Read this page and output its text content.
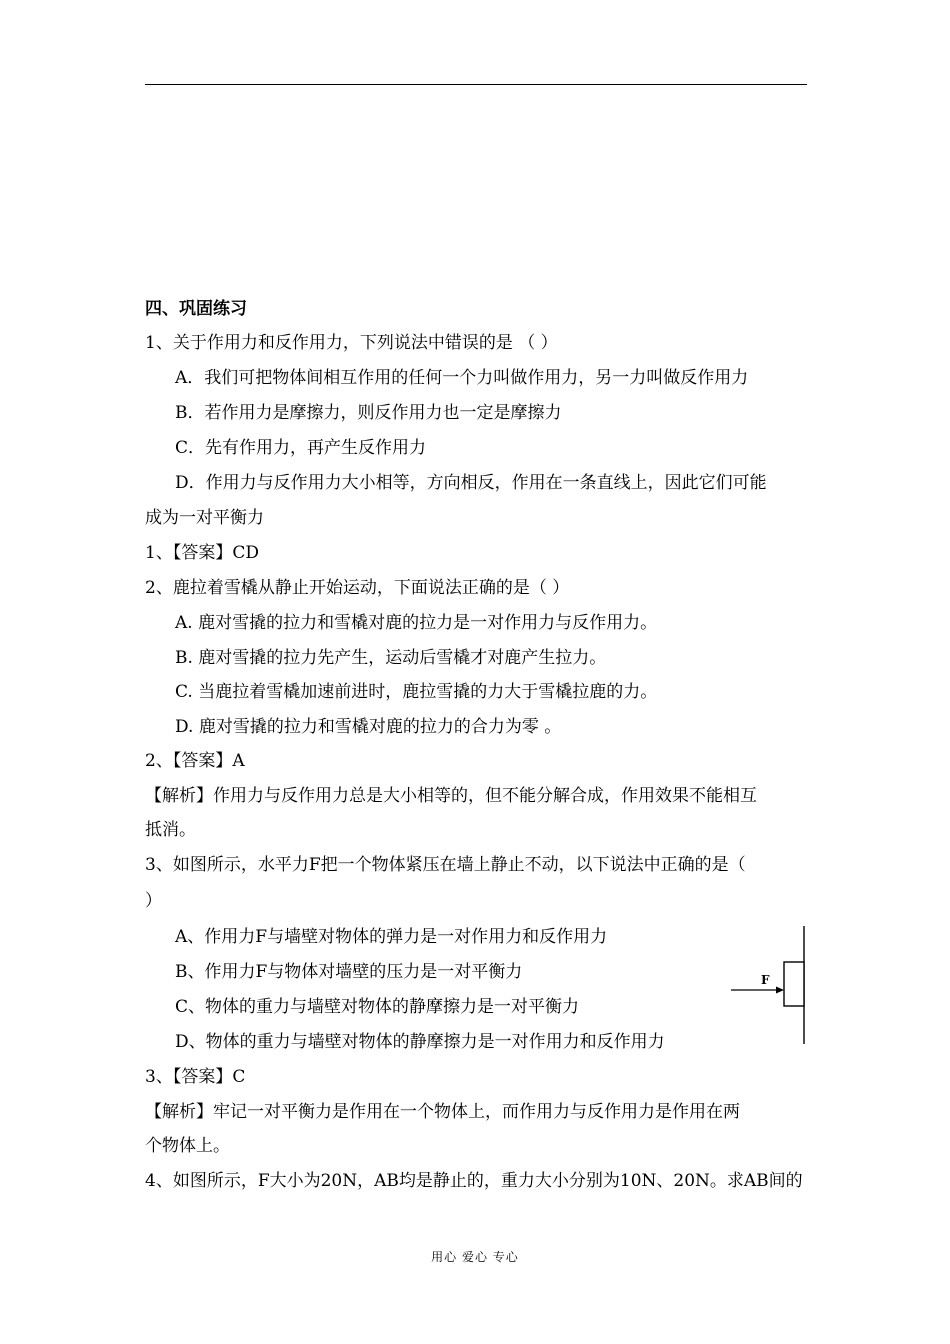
四、巩固练习
1、关于作用力和反作用力，下列说法中错误的是 （ ）
A．我们可把物体间相互作用的任何一个力叫做作用力，另一力叫做反作用力
B．若作用力是摩擦力，则反作用力也一定是摩擦力
C．先有作用力，再产生反作用力
D．作用力与反作用力大小相等，方向相反，作用在一条直线上，因此它们可能
成为一对平衡力
1、【答案】CD
2、鹿拉着雪橇从静止开始运动，下面说法正确的是（ ）
A. 鹿对雪撬的拉力和雪橇对鹿的拉力是一对作用力与反作用力。
B. 鹿对雪撬的拉力先产生，运动后雪橇才对鹿产生拉力。
C. 当鹿拉着雪橇加速前进时，鹿拉雪撬的力大于雪橇拉鹿的力。
D. 鹿对雪撬的拉力和雪橇对鹿的拉力的合力为零 。
2、【答案】A
【解析】作用力与反作用力总是大小相等的，但不能分解合成，作用效果不能相互
抵消。
3、如图所示，水平力F把一个物体紧压在墙上静止不动，以下说法中正确的是（
）
A、作用力F与墙壁对物体的弹力是一对作用力和反作用力
B、作用力F与物体对墙壁的压力是一对平衡力
C、物体的重力与墙壁对物体的静摩擦力是一对平衡力
D、物体的重力与墙壁对物体的静摩擦力是一对作用力和反作用力
F
3、【答案】C
【解析】牢记一对平衡力是作用在一个物体上，而作用力与反作用力是作用在两
个物体上。
4、如图所示，F大小为20N，AB均是静止的，重力大小分别为10N、20N。求AB间的
用心 爱心 专心
